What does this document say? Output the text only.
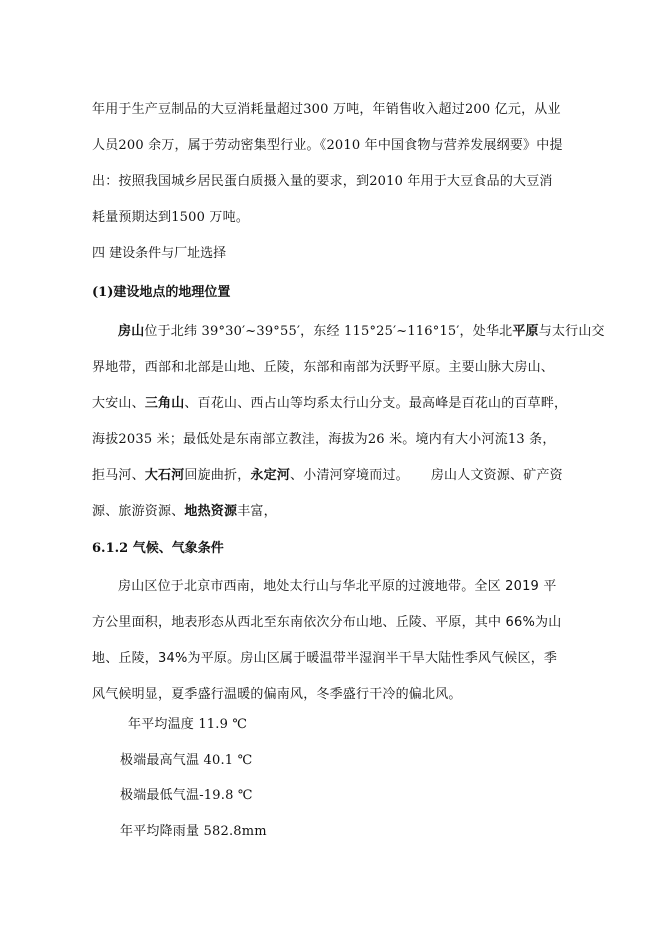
年用于生产豆制品的大豆消耗量超过300 万吨，年销售收入超过200 亿元，从业
人员200 余万，属于劳动密集型行业。《2010 年中国食物与营养发展纲要》中提
出：按照我国城乡居民蛋白质摄入量的要求，到2010 年用于大豆食品的大豆消
耗量预期达到1500 万吨。
四 建设条件与厂址选择
(1)建设地点的地理位置
房山位于北纬 39°30′~39°55′，东经 115°25′~116°15′，处华北平原与太行山交
界地带，西部和北部是山地、丘陵，东部和南部为沃野平原。主要山脉大房山、
大安山、三角山、百花山、西占山等均系太行山分支。最高峰是百花山的百草畔，
海拔2035 米；最低处是东南部立教洼，海拔为26 米。境内有大小河流13 条，
拒马河、大石河回旋曲折，永定河、小清河穿境而过。 房山人文资源、矿产资
源、旅游资源、地热资源丰富，
6.1.2 气候、气象条件
房山区位于北京市西南，地处太行山与华北平原的过渡地带。全区 2019 平
方公里面积，地表形态从西北至东南依次分布山地、丘陵、平原，其中 66%为山
地、丘陵，34%为平原。房山区属于暖温带半湿润半干旱大陆性季风气候区，季
风气候明显，夏季盛行温暖的偏南风，冬季盛行干冷的偏北风。
年平均温度 11.9 ℃
极端最高气温 40.1 ℃
极端最低气温-19.8 ℃
年平均降雨量 582.8mm
